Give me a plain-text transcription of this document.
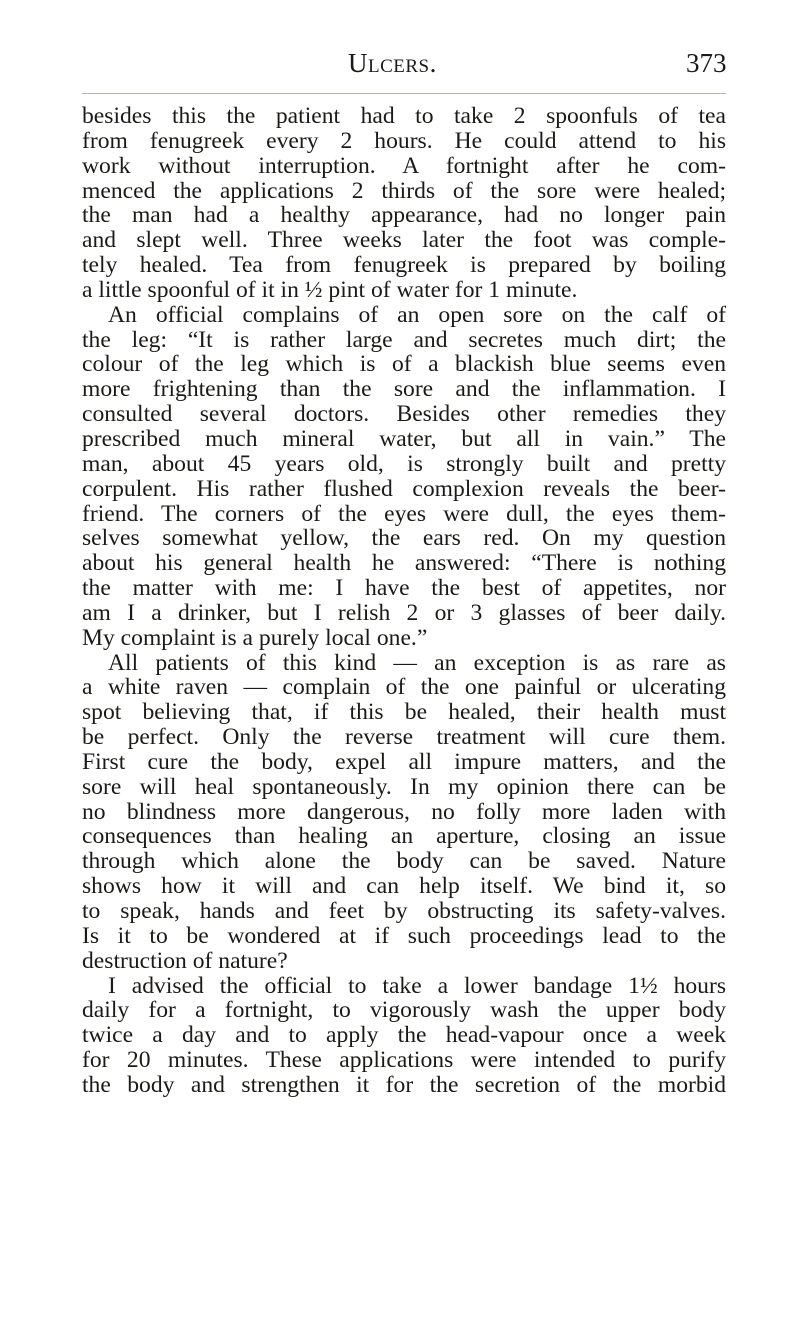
Ulcers.	373
besides this the patient had to take 2 spoonfuls of tea
from fenugreek every 2 hours. He could attend to his
work without interruption. A fortnight after he com-
menced the applications 2 thirds of the sore were healed;
the man had a healthy appearance, had no longer pain
and slept well. Three weeks later the foot was comple-
tely healed. Tea from fenugreek is prepared by boiling
a little spoonful of it in ½ pint of water for 1 minute.
An official complains of an open sore on the calf of
the leg: “It is rather large and secretes much dirt; the
colour of the leg which is of a blackish blue seems even
more frightening than the sore and the inflammation. I
consulted several doctors. Besides other remedies they
prescribed much mineral water, but all in vain.” The
man, about 45 years old, is strongly built and pretty
corpulent. His rather flushed complexion reveals the beer-
friend. The corners of the eyes were dull, the eyes them-
selves somewhat yellow, the ears red. On my question
about his general health he answered: “There is nothing
the matter with me: I have the best of appetites, nor
am I a drinker, but I relish 2 or 3 glasses of beer daily.
My complaint is a purely local one.”
All patients of this kind — an exception is as rare as
a white raven — complain of the one painful or ulcerating
spot believing that, if this be healed, their health must
be perfect. Only the reverse treatment will cure them.
First cure the body, expel all impure matters, and the
sore will heal spontaneously. In my opinion there can be
no blindness more dangerous, no folly more laden with
consequences than healing an aperture, closing an issue
through which alone the body can be saved. Nature
shows how it will and can help itself. We bind it, so
to speak, hands and feet by obstructing its safety-valves.
Is it to be wondered at if such proceedings lead to the
destruction of nature?
I advised the official to take a lower bandage 1½ hours
daily for a fortnight, to vigorously wash the upper body
twice a day and to apply the head-vapour once a week
for 20 minutes. These applications were intended to purify
the body and strengthen it for the secretion of the morbid
